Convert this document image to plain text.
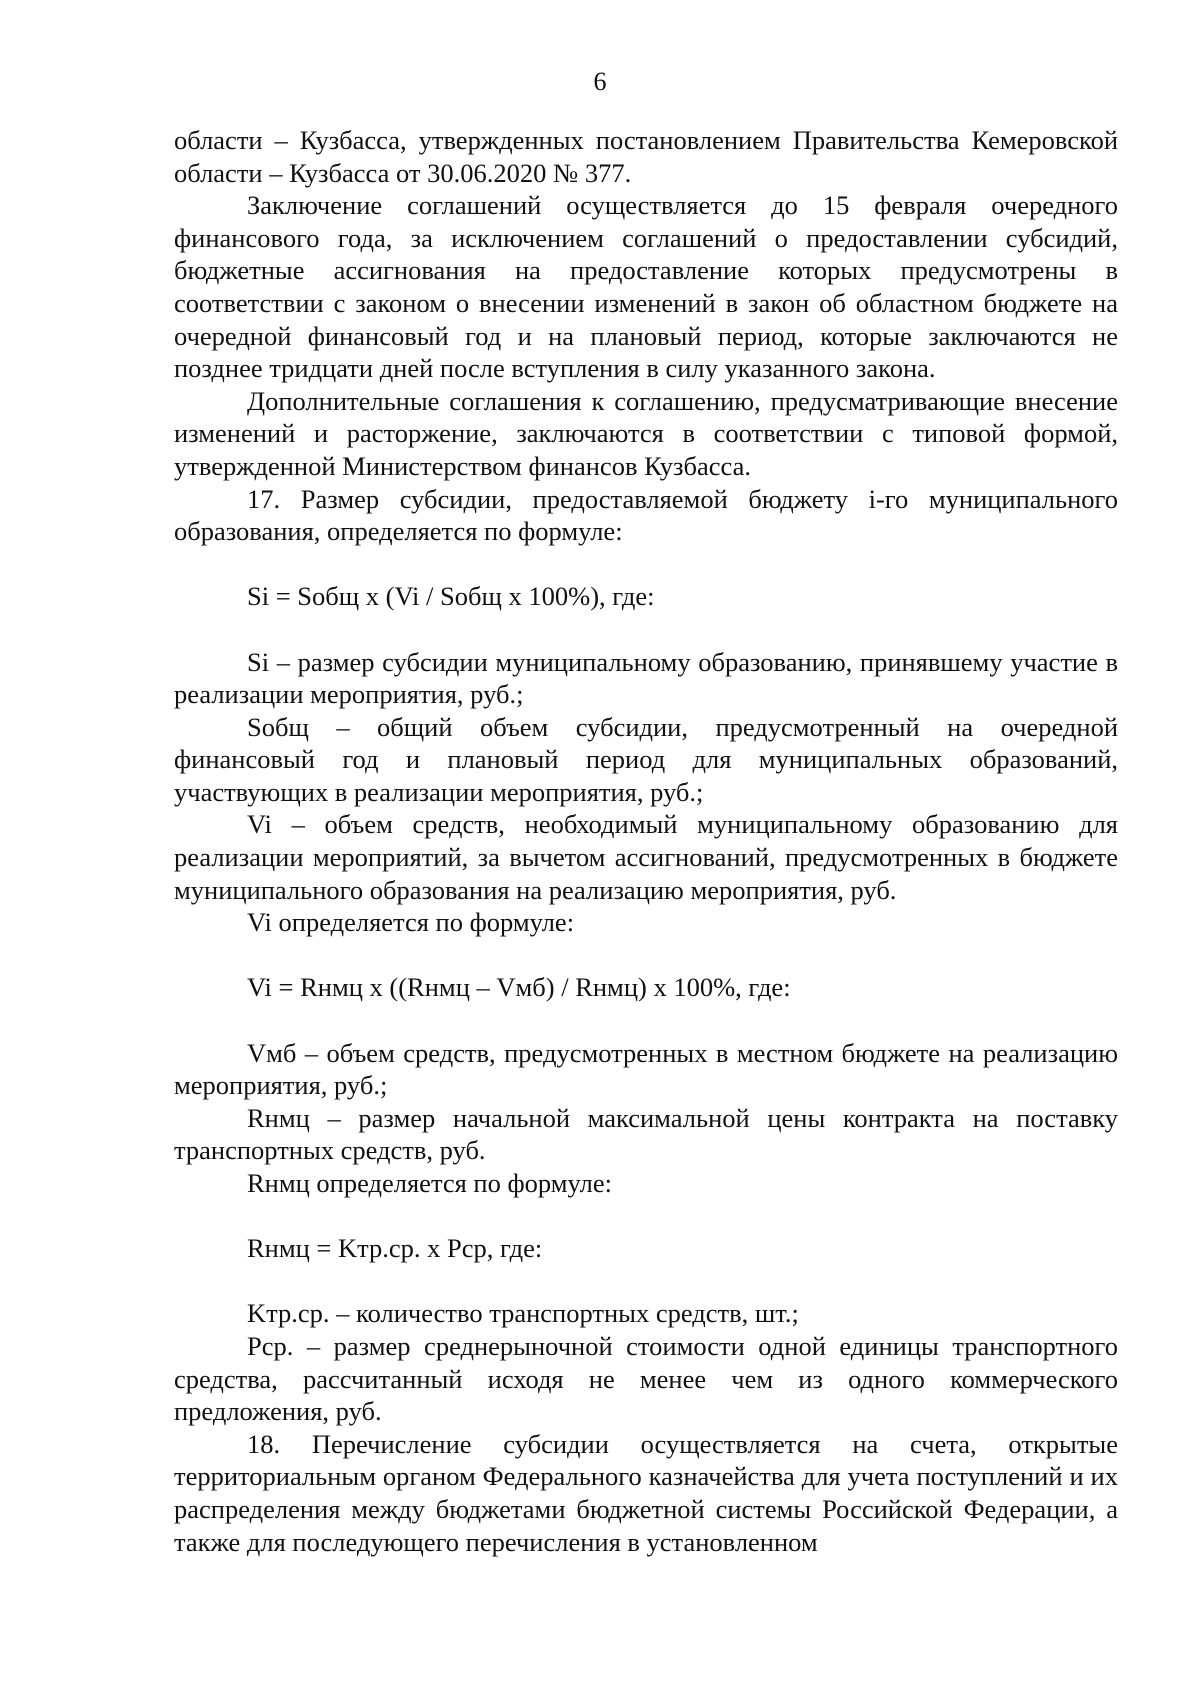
6

области – Кузбасса, утвержденных постановлением Правительства Кемеровской области – Кузбасса от 30.06.2020 № 377.

Заключение соглашений осуществляется до 15 февраля очередного финансового года, за исключением соглашений о предоставлении субсидий, бюджетные ассигнования на предоставление которых предусмотрены в соответствии с законом о внесении изменений в закон об областном бюджете на очередной финансовый год и на плановый период, которые заключаются не позднее тридцати дней после вступления в силу указанного закона.

Дополнительные соглашения к соглашению, предусматривающие внесение изменений и расторжение, заключаются в соответствии с типовой формой, утвержденной Министерством финансов Кузбасса.

17. Размер субсидии, предоставляемой бюджету i-го муниципального образования, определяется по формуле:

Si = Sобщ x (Vi / Sобщ x 100%), где:

Si – размер субсидии муниципальному образованию, принявшему участие в реализации мероприятия, руб.;

Sобщ – общий объем субсидии, предусмотренный на очередной финансовый год и плановый период для муниципальных образований, участвующих в реализации мероприятия, руб.;

Vi – объем средств, необходимый муниципальному образованию для реализации мероприятий, за вычетом ассигнований, предусмотренных в бюджете муниципального образования на реализацию мероприятия, руб.

Vi определяется по формуле:

Vi = Rнмц x ((Rнмц – Vмб) / Rнмц) x 100%, где:

Vмб – объем средств, предусмотренных в местном бюджете на реализацию мероприятия, руб.;

Rнмц – размер начальной максимальной цены контракта на поставку транспортных средств, руб.

Rнмц определяется по формуле:

Rнмц = Kтр.ср. x Pср, где:

Kтр.ср. – количество транспортных средств, шт.;

Pср. – размер среднерыночной стоимости одной единицы транспортного средства, рассчитанный исходя не менее чем из одного коммерческого предложения, руб.

18. Перечисление субсидии осуществляется на счета, открытые территориальным органом Федерального казначейства для учета поступлений и их распределения между бюджетами бюджетной системы Российской Федерации, а также для последующего перечисления в установленном
